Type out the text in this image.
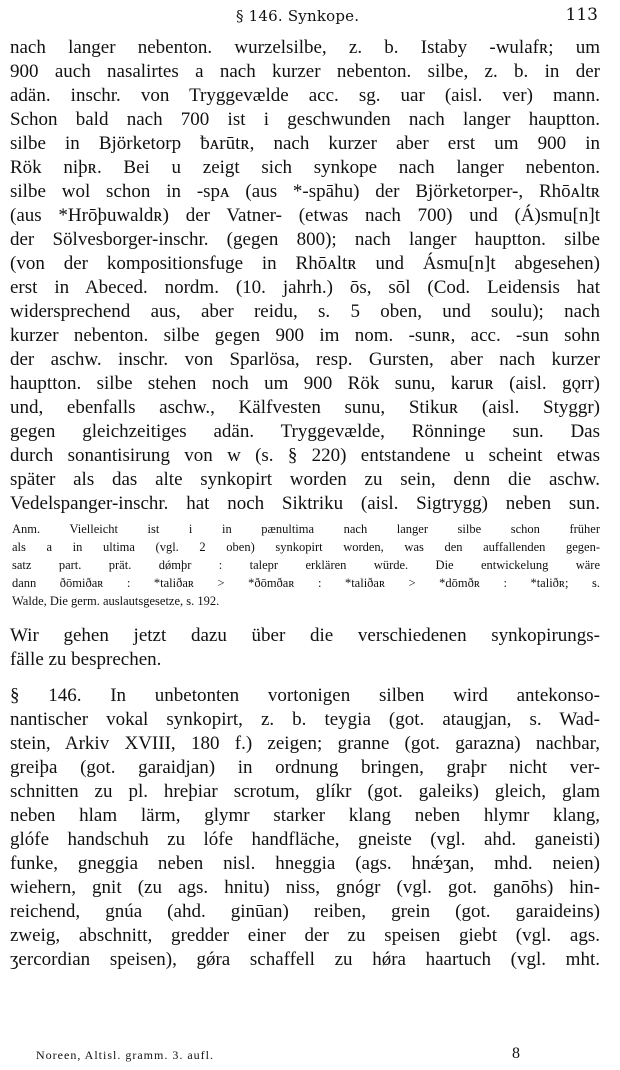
§ 146. Synkope.	113
nach langer nebenton. wurzelsilbe, z. b. Istaby -wulafʀ; um
900 auch nasalirtes a nach kurzer nebenton. silbe, z. b. in der
adän. inschr. von Tryggevælde acc. sg. uar (aisl. ver) mann.
Schon bald nach 700 ist i geschwunden nach langer hauptton.
silbe in Björketorp ƀᴀrūtʀ, nach kurzer aber erst um 900 in
Rök niþʀ. Bei u zeigt sich synkope nach langer nebenton.
silbe wol schon in -spᴀ (aus *-spāhu) der Björketorper-, Rhōᴀltʀ
(aus *Hrōþuwaldʀ) der Vatner- (etwas nach 700) und (Á)smu[n]t
der Sölvesborger-inschr. (gegen 800); nach langer hauptton. silbe
(von der kompositionsfuge in Rhōᴀltʀ und Ásmu[n]t abgesehen)
erst in Abeced. nordm. (10. jahrh.) ōs, sōl (Cod. Leidensis hat
widersprechend aus, aber reidu, s. 5 oben, und soulu); nach
kurzer nebenton. silbe gegen 900 im nom. -sunʀ, acc. -sun sohn
der aschw. inschr. von Sparlösa, resp. Gursten, aber nach kurzer
hauptton. silbe stehen noch um 900 Rök sunu, karuʀ (aisl. gǫrr)
und, ebenfalls aschw., Kälfvesten sunu, Stikuʀ (aisl. Styggr)
gegen gleichzeitiges adän. Tryggevælde, Rönninge sun. Das
durch sonantisirung von w (s. § 220) entstandene u scheint etwas
später als das alte synkopirt worden zu sein, denn die aschw.
Vedelspanger-inschr. hat noch Siktriku (aisl. Sigtrygg) neben sun.
Anm. Vielleicht ist i in pænultima nach langer silbe schon früher
als a in ultima (vgl. 2 oben) synkopirt worden, was den auffallenden gegen-
satz part. prät. dǿmþr : talepr erklären würde. Die entwickelung wäre
dann ðōmiðaʀ : *taliðaʀ > *ðōmðaʀ : *taliðaʀ > *dōmðʀ : *taliðʀ; s.
Walde, Die germ. auslautsgesetze, s. 192.
Wir gehen jetzt dazu über die verschiedenen synkopirungs-
fälle zu besprechen.
§ 146. In unbetonten vortonigen silben wird antekonso-
nantischer vokal synkopirt, z. b. teygia (got. ataugjan, s. Wad-
stein, Arkiv XVIII, 180 f.) zeigen; granne (got. garazna) nachbar,
greiþa (got. garaidjan) in ordnung bringen, graþr nicht ver-
schnitten zu pl. hreþiar scrotum, glíkr (got. galeiks) gleich, glam
neben hlam lärm, glymr starker klang neben hlymr klang,
glófe handschuh zu lófe handfläche, gneiste (vgl. ahd. ganeisti)
funke, gneggia neben nisl. hneggia (ags. hnǽʒan, mhd. neien)
wiehern, gnit (zu ags. hnitu) niss, gnógr (vgl. got. ganōhs) hin-
reichend, gnúa (ahd. ginūan) reiben, grein (got. garaideins)
zweig, abschnitt, gredder einer der zu speisen giebt (vgl. ags.
ʒercordian speisen), gǿra schaffell zu hǿra haartuch (vgl. mht.
Noreen, Altisl. gramm. 3. aufl.	8
